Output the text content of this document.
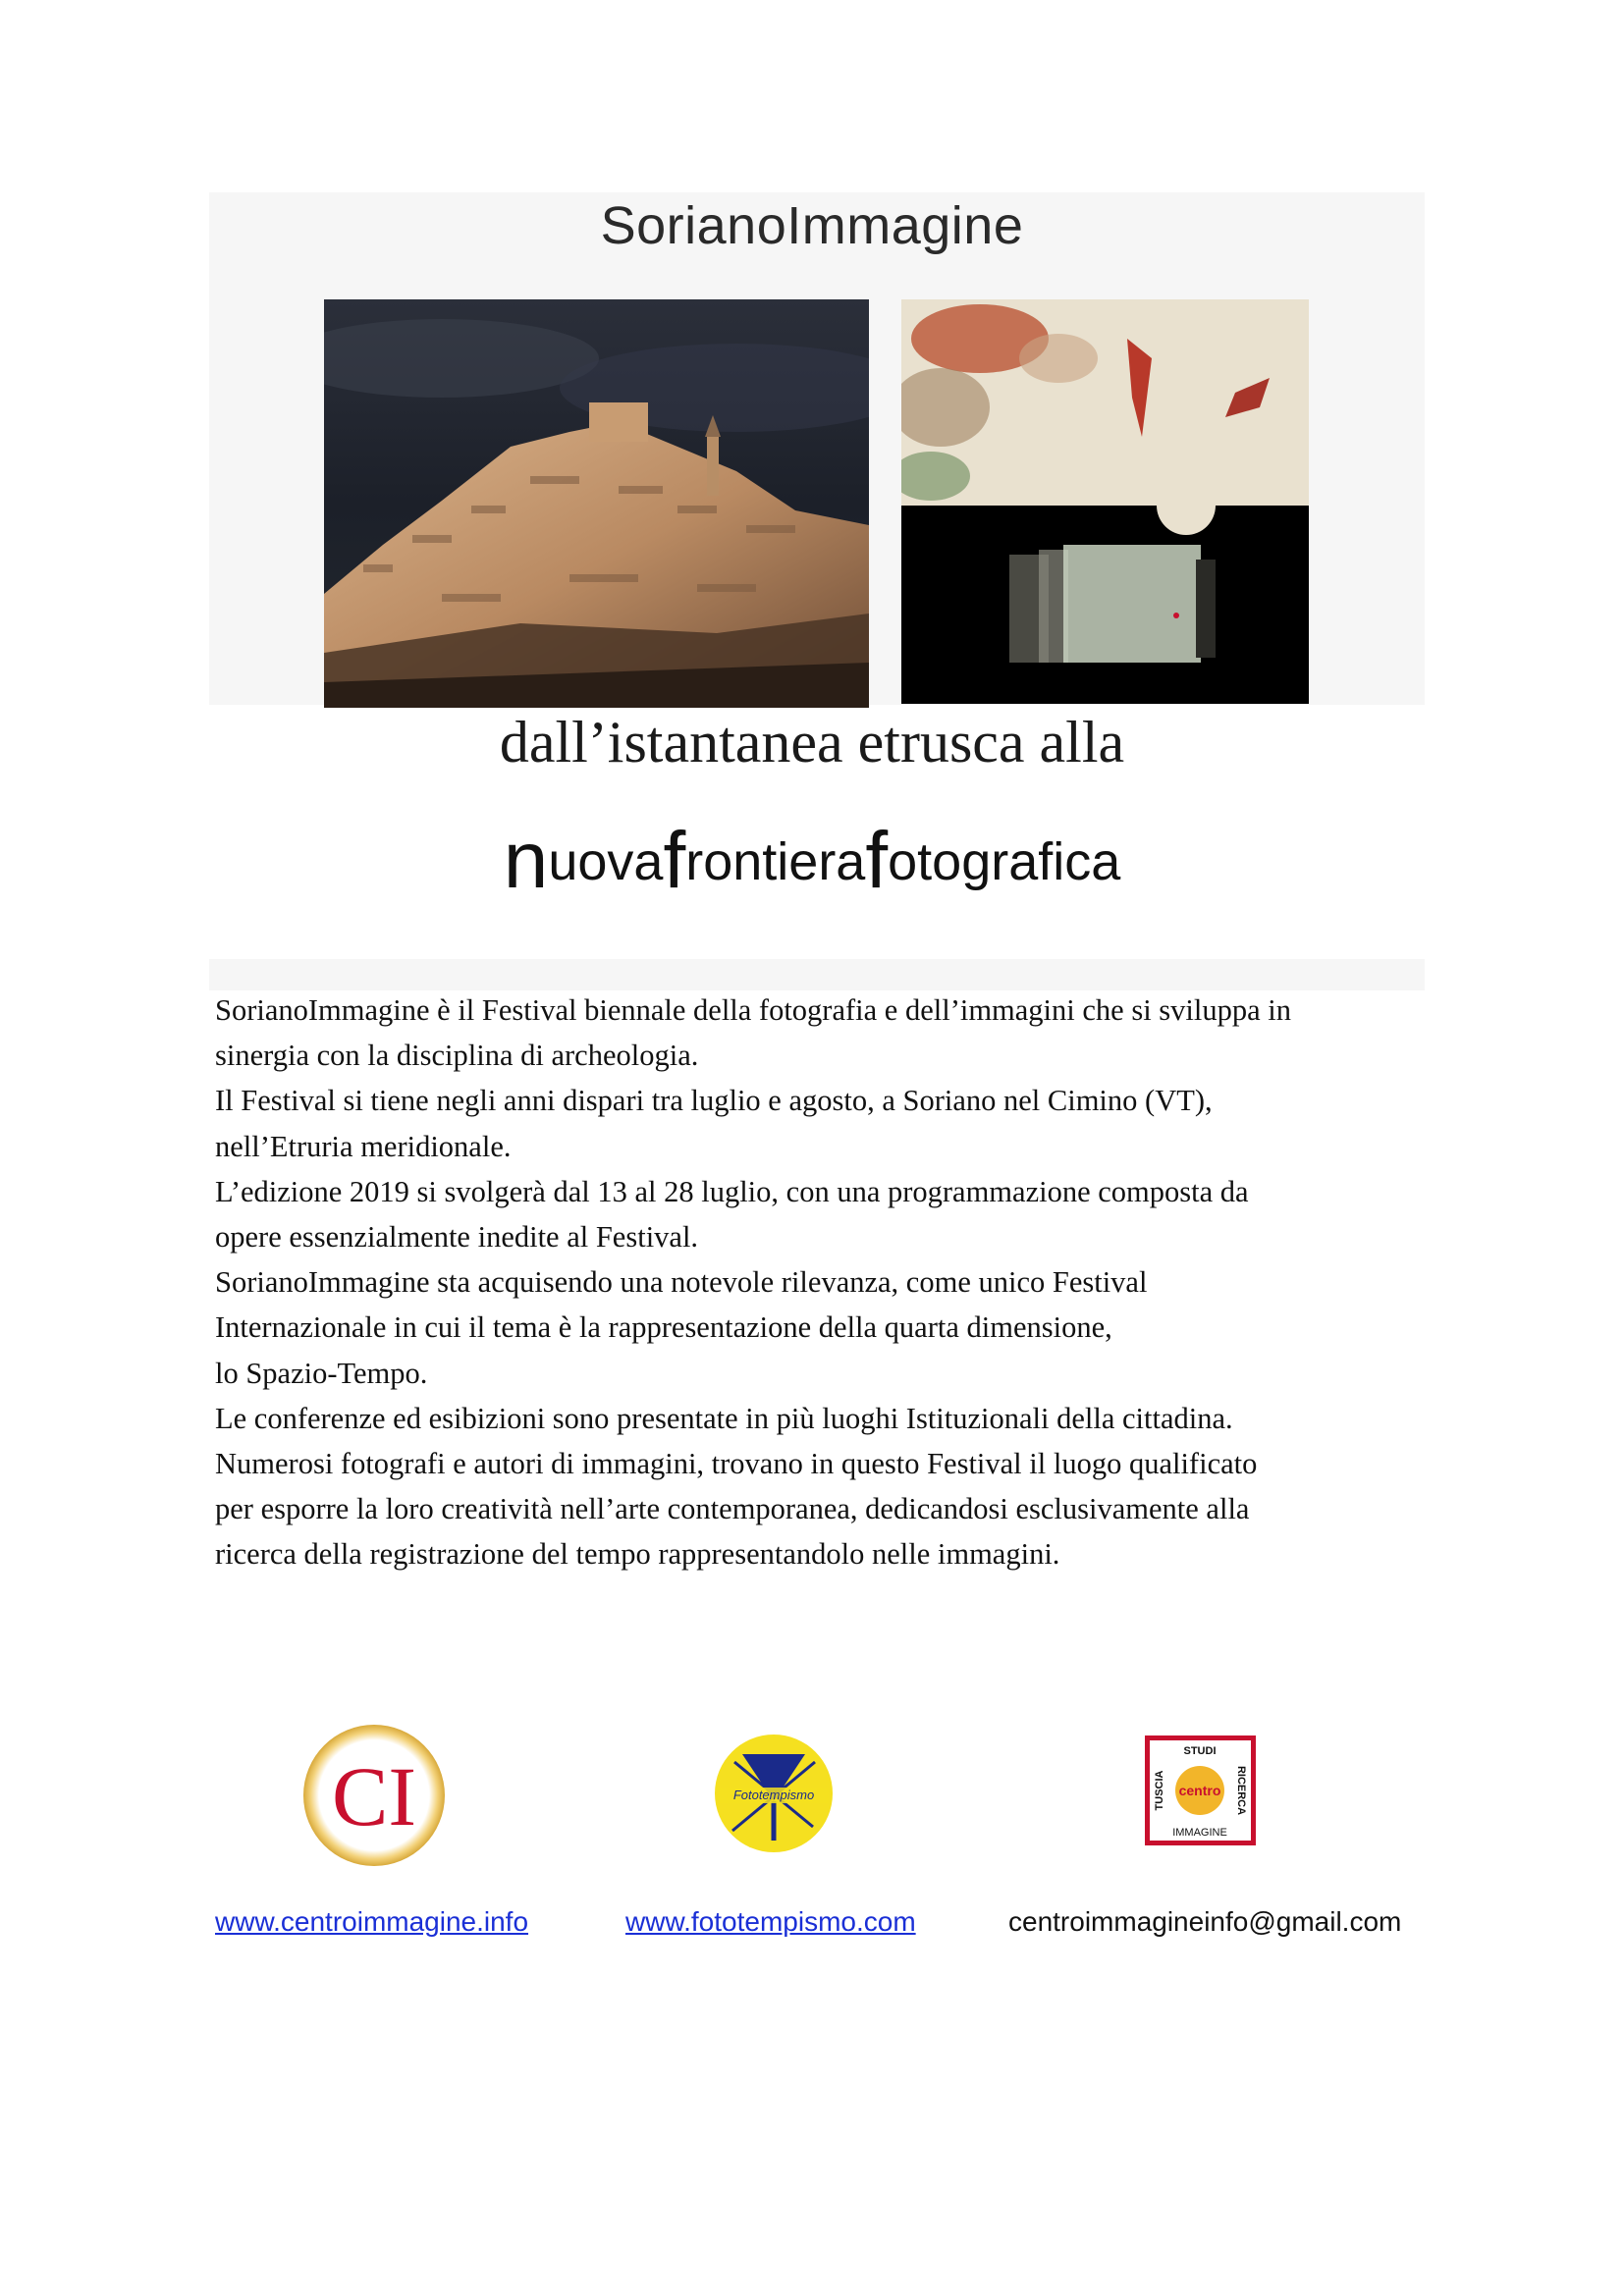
SorianoImmagine
dall’istantanea etrusca alla
nuovafrontierafotografica

SorianoImmagine è il Festival biennale della fotografia e dell’immagini che si sviluppa in

sinergia con la disciplina di archeologia.

Il Festival si tiene negli anni dispari tra luglio e agosto, a Soriano nel Cimino (VT),

nell’Etruria meridionale.

L’edizione 2019 si svolgerà dal 13 al 28 luglio, con una programmazione composta da

opere essenzialmente inedite al Festival.

SorianoImmagine sta acquisendo una notevole rilevanza, come unico Festival

Internazionale in cui il tema è la rappresentazione della quarta dimensione,

lo Spazio-Tempo.

Le conferenze ed esibizioni sono presentate in più luoghi Istituzionali della cittadina.

Numerosi fotografi e autori di immagini, trovano in questo Festival il luogo qualificato

per esporre la loro creatività nell’arte contemporanea, dedicandosi esclusivamente alla

ricerca della registrazione del tempo rappresentandolo nelle immagini.

CI	Fototempismo
STUDI
IMMAGINE
TUSCIA	RICERCA
centro
www.centroimmagine.info	www.fototempismo.com	centroimmagineinfo@gmail.com
